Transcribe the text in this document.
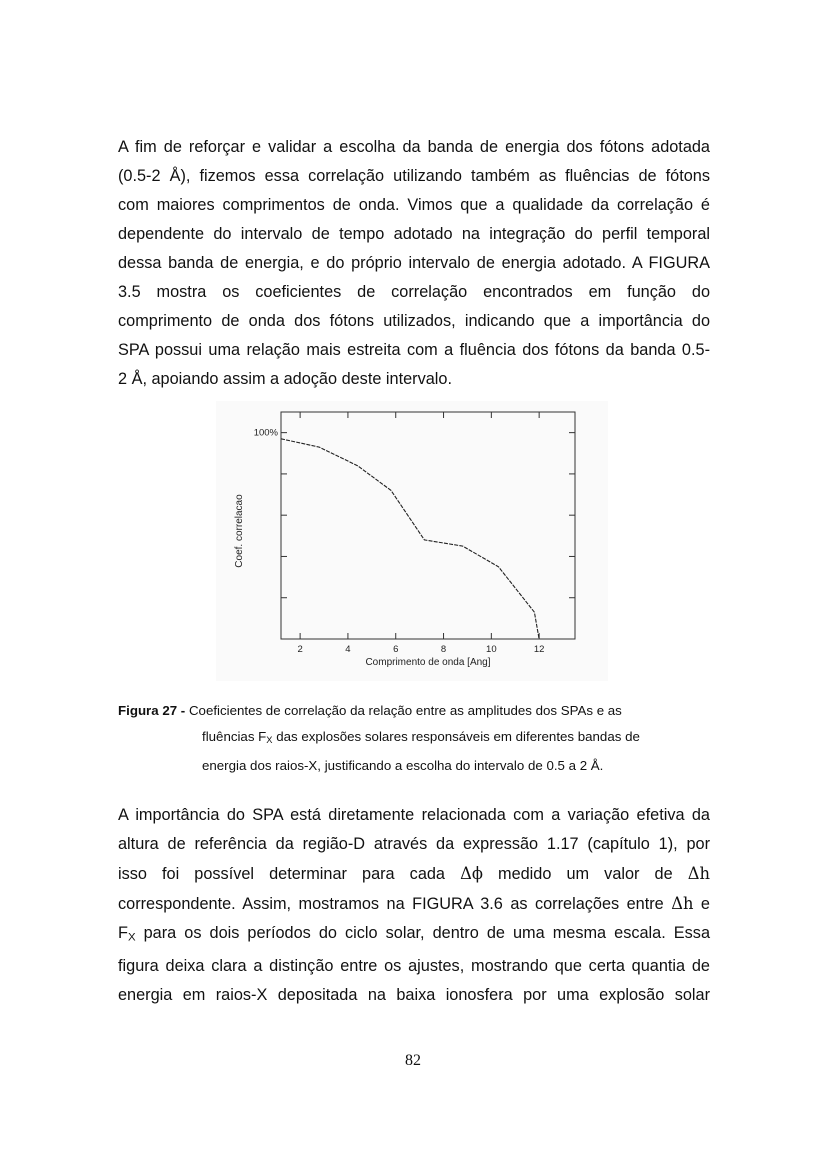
A fim de reforçar e validar a escolha da banda de energia dos fótons adotada
(0.5-2 Å), fizemos essa correlação utilizando também as fluências de fótons
com maiores comprimentos de onda. Vimos que a qualidade da correlação é
dependente do intervalo de tempo adotado na integração do perfil temporal
dessa banda de energia, e do próprio intervalo de energia adotado. A FIGURA
3.5 mostra os coeficientes de correlação encontrados em função do
comprimento de onda dos fótons utilizados, indicando que a importância do
SPA possui uma relação mais estreita com a fluência dos fótons da banda 0.5-
2 Å, apoiando assim a adoção deste intervalo.

2	4	6	8	10	12
100%
Comprimento de onda [Ang]
Coef. correlacao
Figura 27 - Coeficientes de correlação da relação entre as amplitudes dos SPAs e as
fluências $F_X$ das explosões solares responsáveis em diferentes bandas de
energia dos raios-X, justificando a escolha do intervalo de 0.5 a 2 Å.

A importância do SPA está diretamente relacionada com a variação efetiva da
altura de referência da região-D através da expressão 1.17 (capítulo 1), por
isso foi possível determinar para cada Δϕ medido um valor de Δh
correspondente. Assim, mostramos na FIGURA 3.6 as correlações entre Δh e
$F_X$ para os dois períodos do ciclo solar, dentro de uma mesma escala. Essa
figura deixa clara a distinção entre os ajustes, mostrando que certa quantia de
energia em raios-X depositada na baixa ionosfera por uma explosão solar

82
